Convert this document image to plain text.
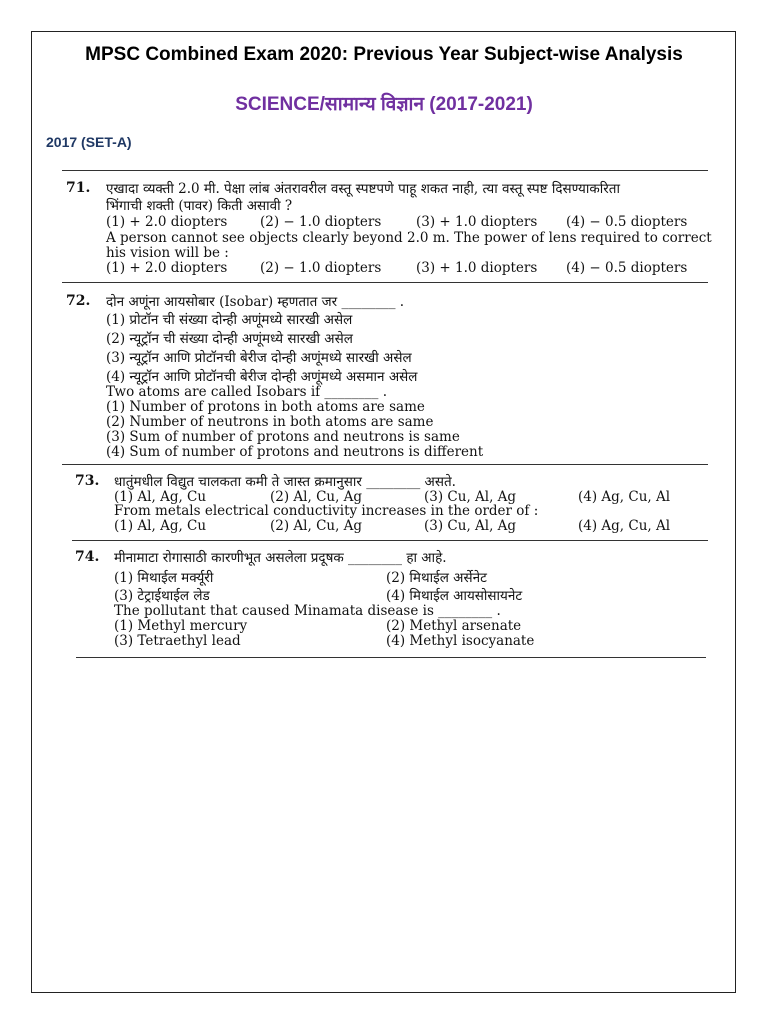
MPSC Combined Exam 2020: Previous Year Subject-wise Analysis
SCIENCE/सामान्य विज्ञान (2017-2021)
2017 (SET-A)
71. एखादा व्यक्ती 2.0 मी. पेक्षा लांब अंतरावरील वस्तू स्पष्टपणे पाहू शकत नाही, त्या वस्तू स्पष्ट दिसण्याकरिता
भिंगाची शक्ती (पावर) किती असावी ?
(1) + 2.0 diopters (2) − 1.0 diopters	(3) + 1.0 diopters (4) − 0.5 diopters
A person cannot see objects clearly beyond 2.0 m. The power of lens required to correct
his vision will be :
(1) + 2.0 diopters (2) − 1.0 diopters	(3) + 1.0 diopters (4) − 0.5 diopters
72. दोन अणूंना आयसोबार (Isobar) म्हणतात जर ________ .
(1) प्रोटॉन ची संख्या दोन्ही अणूंमध्ये सारखी असेल
(2) न्यूट्रॉन ची संख्या दोन्ही अणूंमध्ये सारखी असेल
(3) न्यूट्रॉन आणि प्रोटॉनची बेरीज दोन्ही अणूंमध्ये सारखी असेल
(4) न्यूट्रॉन आणि प्रोटॉनची बेरीज दोन्ही अणूंमध्ये असमान असेल
Two atoms are called Isobars if ________ .
(1) Number of protons in both atoms are same
(2) Number of neutrons in both atoms are same
(3) Sum of number of protons and neutrons is same
(4) Sum of number of protons and neutrons is different
73. धातुंमधील विद्युत चालकता कमी ते जास्त क्रमानुसार ________ असते.
(1) Al, Ag, Cu	(2) Al, Cu, Ag	(3) Cu, Al, Ag	(4) Ag, Cu, Al
From metals electrical conductivity increases in the order of :
(1) Al, Ag, Cu	(2) Al, Cu, Ag	(3) Cu, Al, Ag	(4) Ag, Cu, Al
74. मीनामाटा रोगासाठी कारणीभूत असलेला प्रदूषक ________ हा आहे.
(1) मिथाईल मर्क्यूरी	(2) मिथाईल अर्सेनेट
(3) टेट्राईथाईल लेड	(4) मिथाईल आयसोसायनेट
The pollutant that caused Minamata disease is ________ .
(1) Methyl mercury	(2) Methyl arsenate
(3) Tetraethyl lead	(4) Methyl isocyanate
